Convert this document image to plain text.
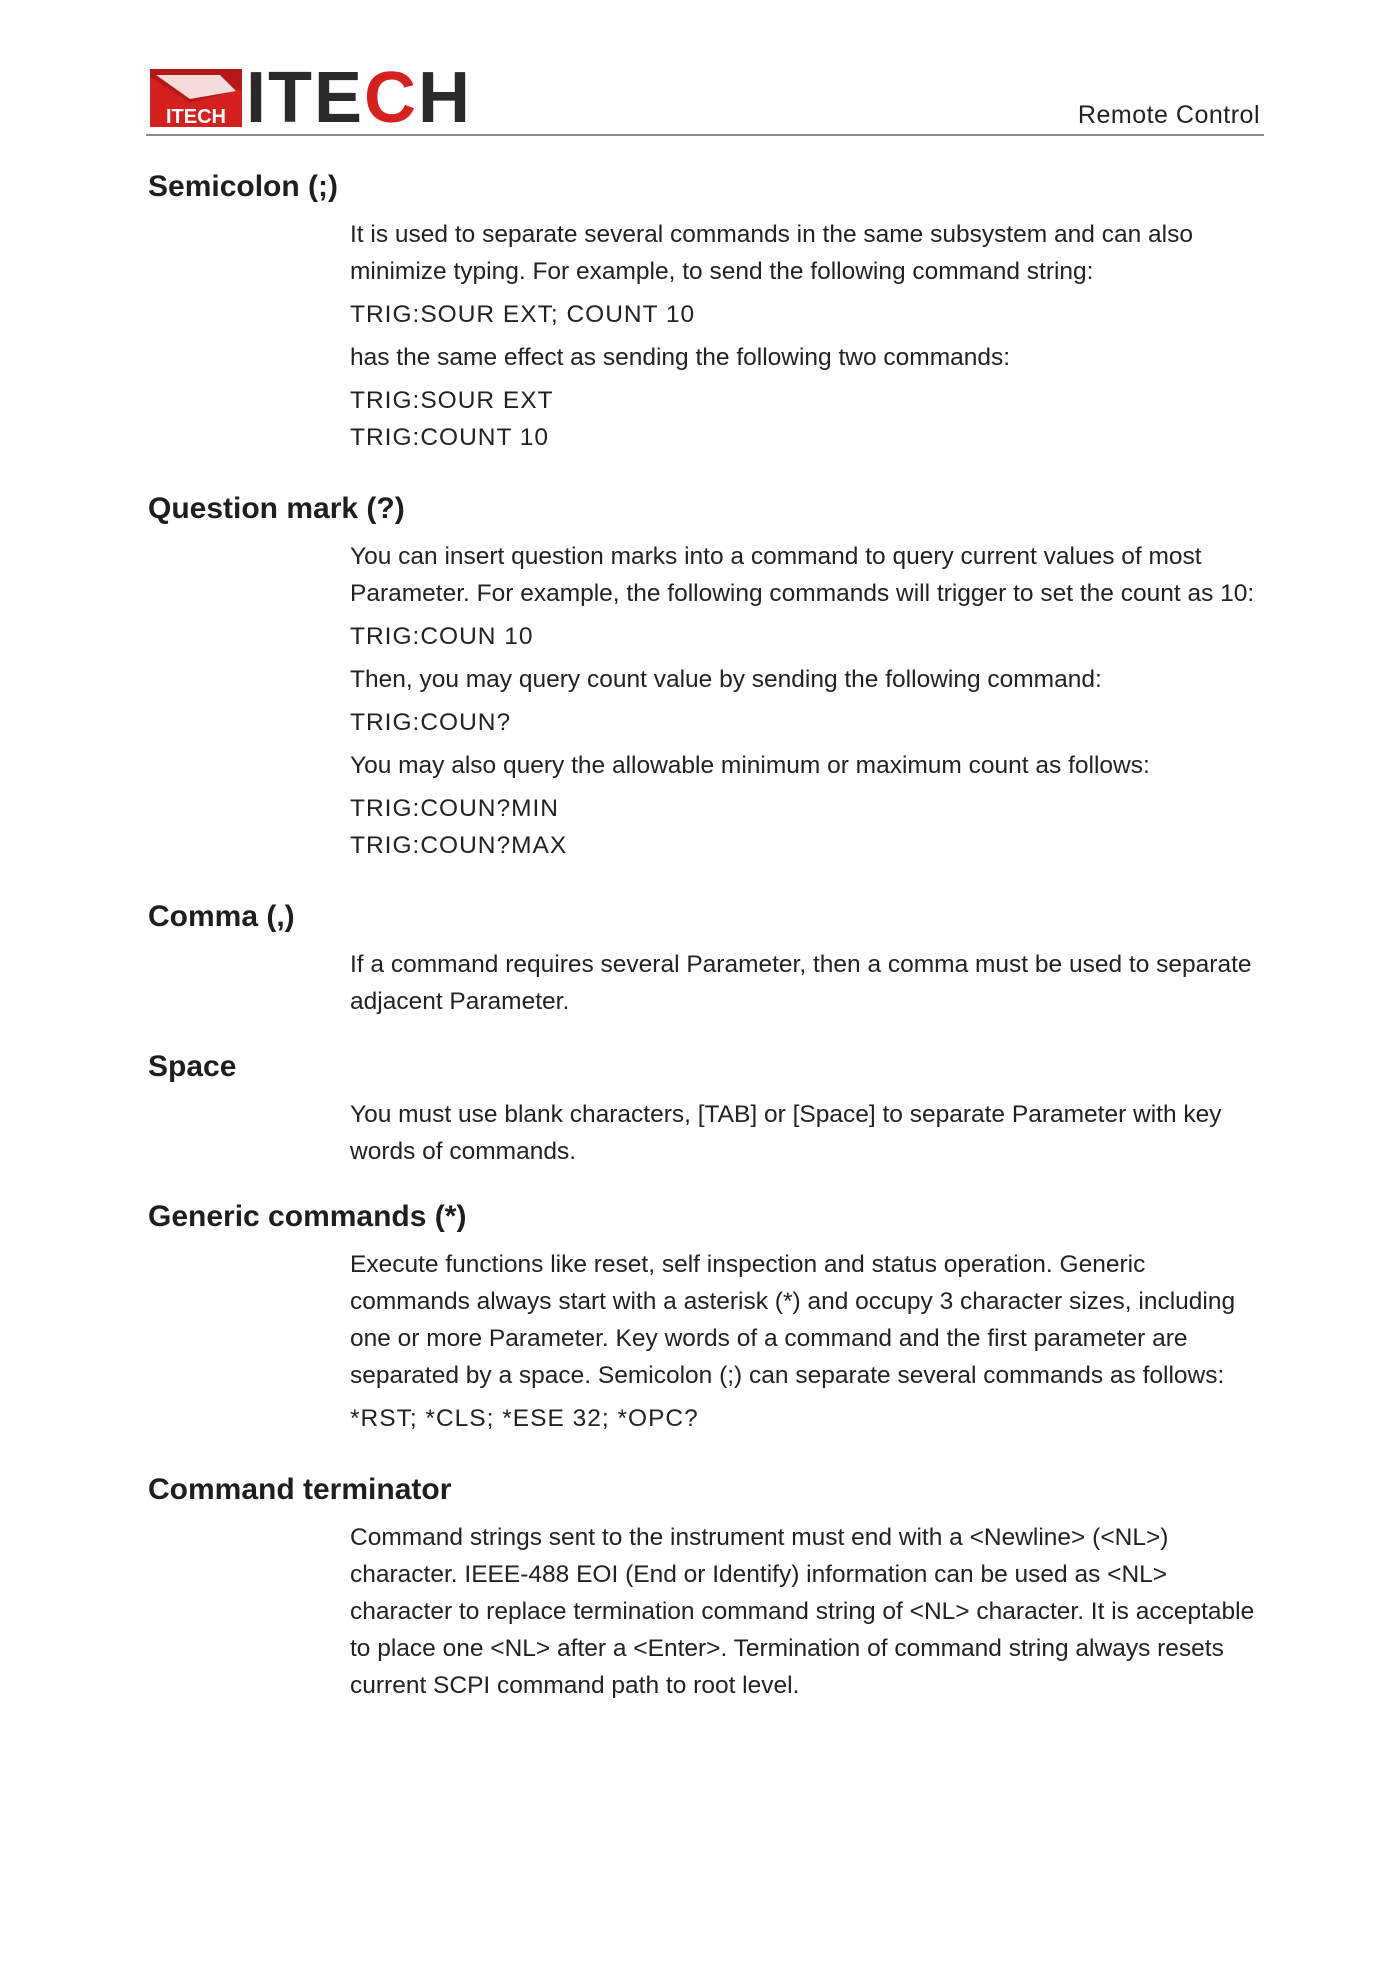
ITECH ITECH	Remote Control
Semicolon (;)

It is used to separate several commands in the same subsystem and can also minimize typing. For example, to send the following command string:

TRIG:SOUR EXT; COUNT 10

has the same effect as sending the following two commands:

TRIG:SOUR EXT
TRIG:COUNT 10
Question mark (?)

You can insert question marks into a command to query current values of most Parameter. For example, the following commands will trigger to set the count as 10:

TRIG:COUN 10

Then, you may query count value by sending the following command:

TRIG:COUN?

You may also query the allowable minimum or maximum count as follows:

TRIG:COUN?MIN
TRIG:COUN?MAX
Comma (,)

If a command requires several Parameter, then a comma must be used to separate adjacent Parameter.

Space

You must use blank characters, [TAB] or [Space] to separate Parameter with key words of commands.

Generic commands (*)

Execute functions like reset, self inspection and status operation. Generic commands always start with a asterisk (*) and occupy 3 character sizes, including one or more Parameter. Key words of a command and the first parameter are separated by a space. Semicolon (;) can separate several commands as follows:

*RST; *CLS; *ESE 32; *OPC?
Command terminator

Command strings sent to the instrument must end with a <Newline> (<NL>) character. IEEE-488 EOI (End or Identify) information can be used as <NL> character to replace termination command string of <NL> character. It is acceptable to place one <NL> after a <Enter>. Termination of command string always resets current SCPI command path to root level.
